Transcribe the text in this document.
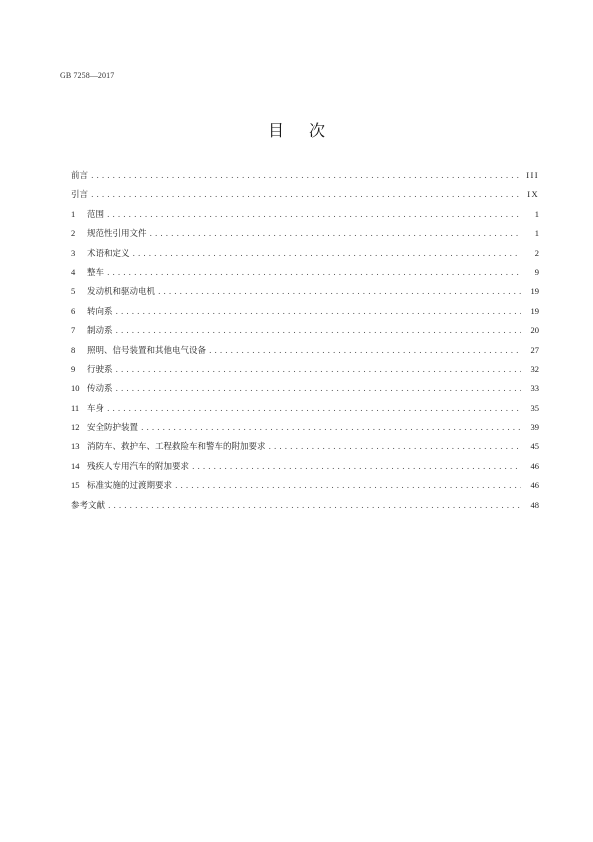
GB 7258—2017
目 次
前言 . . .	III
引言 . . .	IX
1	范围 . . .	1
2	规范性引用文件 . . .	1
3	术语和定义 . . .	2
4	整车 . . .	9
5	发动机和驱动电机 . . .	19
6	转向系 . . .	19
7	制动系 . . .	20
8	照明、信号装置和其他电气设备 . . .	27
9	行驶系 . . .	32
10 传动系 . . .	33
11 车身 . . .	35
12 安全防护装置 . . .	39
13 消防车、救护车、工程救险车和警车的附加要求 . . .	45
14 残疾人专用汽车的附加要求 . . .	46
15 标准实施的过渡期要求 . . .	46
参考文献 . . .	48
